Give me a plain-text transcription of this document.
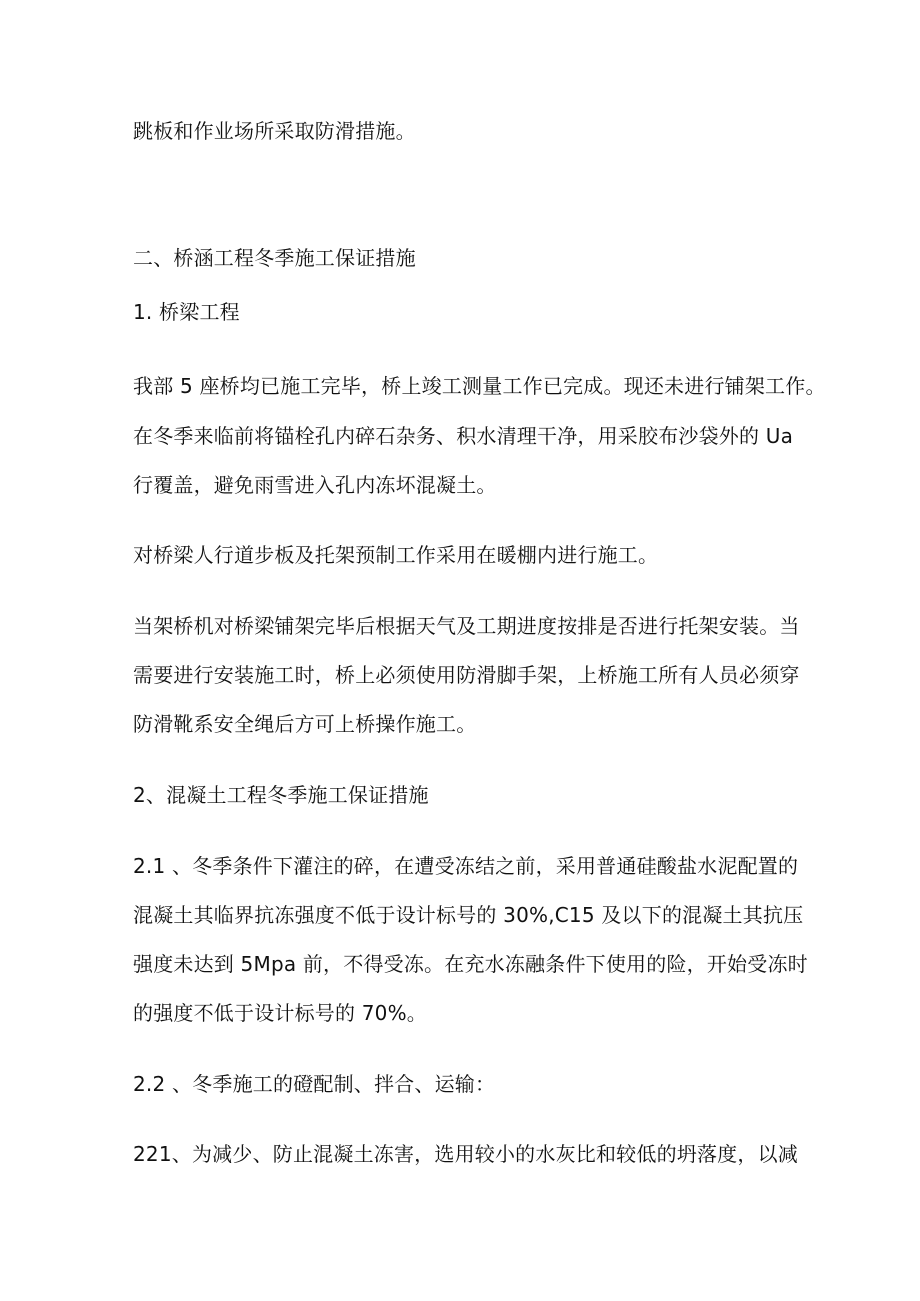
跳板和作业场所采取防滑措施。
二、桥涵工程冬季施工保证措施
1. 桥梁工程
我部 5 座桥均已施工完毕，桥上竣工测量工作已完成。现还未进行铺架工作。
在冬季来临前将锚栓孔内碎石杂务、积水清理干净，用采胶布沙袋外的 Ua
行覆盖，避免雨雪进入孔内冻坏混凝土。
对桥梁人行道步板及托架预制工作采用在暖棚内进行施工。
当架桥机对桥梁铺架完毕后根据天气及工期进度按排是否进行托架安装。当
需要进行安装施工时，桥上必须使用防滑脚手架，上桥施工所有人员必须穿
防滑靴系安全绳后方可上桥操作施工。
2、混凝土工程冬季施工保证措施
2.1 、冬季条件下灌注的碎，在遭受冻结之前，采用普通硅酸盐水泥配置的
混凝土其临界抗冻强度不低于设计标号的 30%,C15 及以下的混凝土其抗压
强度未达到 5Mpa 前，不得受冻。在充水冻融条件下使用的险，开始受冻时
的强度不低于设计标号的 70%。
2.2 、冬季施工的磴配制、拌合、运输：
221、为减少、防止混凝土冻害，选用较小的水灰比和较低的坍落度，以减
